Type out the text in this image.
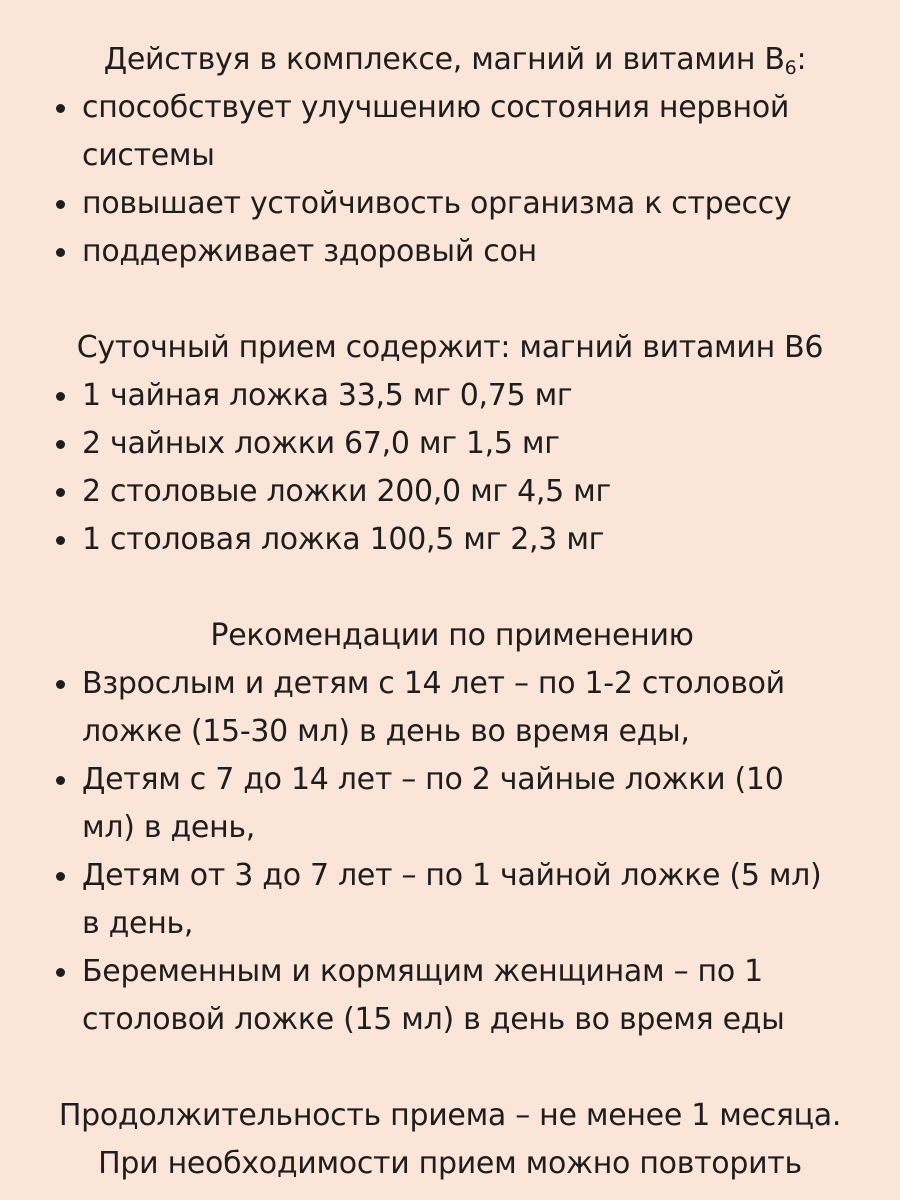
Действуя в комплексе, магний и витамин $B_6$:

способствует улучшению состояния нервной системы
повышает устойчивость организма к стрессу
поддерживает здоровый сон

Суточный прием содержит: магний витамин B6

1 чайная ложка 33,5 мг 0,75 мг
2 чайных ложки 67,0 мг 1,5 мг
2 столовые ложки 200,0 мг 4,5 мг
1 столовая ложка 100,5 мг 2,3 мг

Рекомендации по применению

Взрослым и детям с 14 лет – по 1-2 столовой ложке (15-30 мл) в день во время еды,
Детям с 7 до 14 лет – по 2 чайные ложки (10 мл) в день,
Детям от 3 до 7 лет – по 1 чайной ложке (5 мл) в день,
Беременным и кормящим женщинам – по 1 столовой ложке (15 мл) в день во время еды

Продолжительность приема – не менее 1 месяца.

При необходимости прием можно повторить
